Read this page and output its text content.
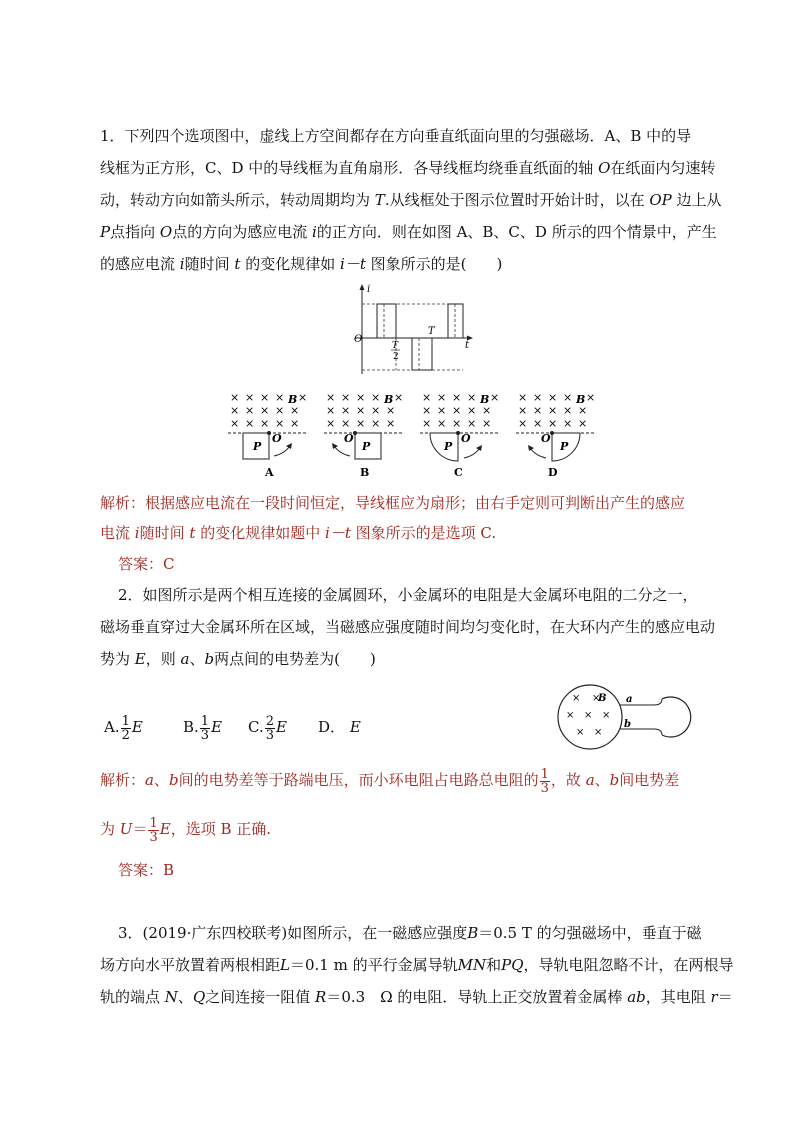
1．下列四个选项图中，虚线上方空间都存在方向垂直纸面向里的匀强磁场．A、B 中的导
线框为正方形，C、D 中的导线框为直角扇形．各导线框均绕垂直纸面的轴 O在纸面内匀速转
动，转动方向如箭头所示，转动周期均为 T.从线框处于图示位置时开始计时，以在 OP 边上从
P点指向 O点的方向为感应电流 i的正方向．则在如图 A、B、C、D 所示的四个情景中，产生
的感应电流 i随时间 t 的变化规律如 i－t 图象所示的是(　　)
i
t
O
T
2
T
× × × × ×
× × × × ×
× × × × ×
B
O
P
A
× × × × ×
× × × × ×
× × × × ×
B
O
P
B
× × × × ×
× × × × ×
× × × × ×
B
O
P
C
× × × × ×
× × × × ×
× × × × ×
B
O
P
D
解析：根据感应电流在一段时间恒定，导线框应为扇形；由右手定则可判断出产生的感应
电流 i随时间 t 的变化规律如题中 i－t 图象所示的是选项 C.
答案：C
2．如图所示是两个相互连接的金属圆环，小金属环的电阻是大金属环电阻的二分之一，
磁场垂直穿过大金属环所在区域，当磁感应强度随时间均匀变化时，在大环内产生的感应电动
势为 E，则 a、b两点间的电势差为(　　)
A. $\frac{1}{2}$ E	B. $\frac{1}{3}$ E C. $\frac{2}{3}$ E D． E
× ×
B
× × ×
× ×
a
b
解析：a、b间的电势差等于路端电压，而小环电阻占电路总电阻的 $\frac{1}{3}$ ，故 a、b间电势差
为 $U= \frac{1}{3}$ E，选项 B 正确.
答案：B
3．(2019·广东四校联考)如图所示，在一磁感应强度B＝0.5 T 的匀强磁场中，垂直于磁
场方向水平放置着两根相距L＝0.1 m 的平行金属导轨MN和PQ，导轨电阻忽略不计，在两根导
轨的端点 N、Q之间连接一阻值 R＝0.3　Ω 的电阻．导轨上正交放置着金属棒 ab，其电阻 r＝
